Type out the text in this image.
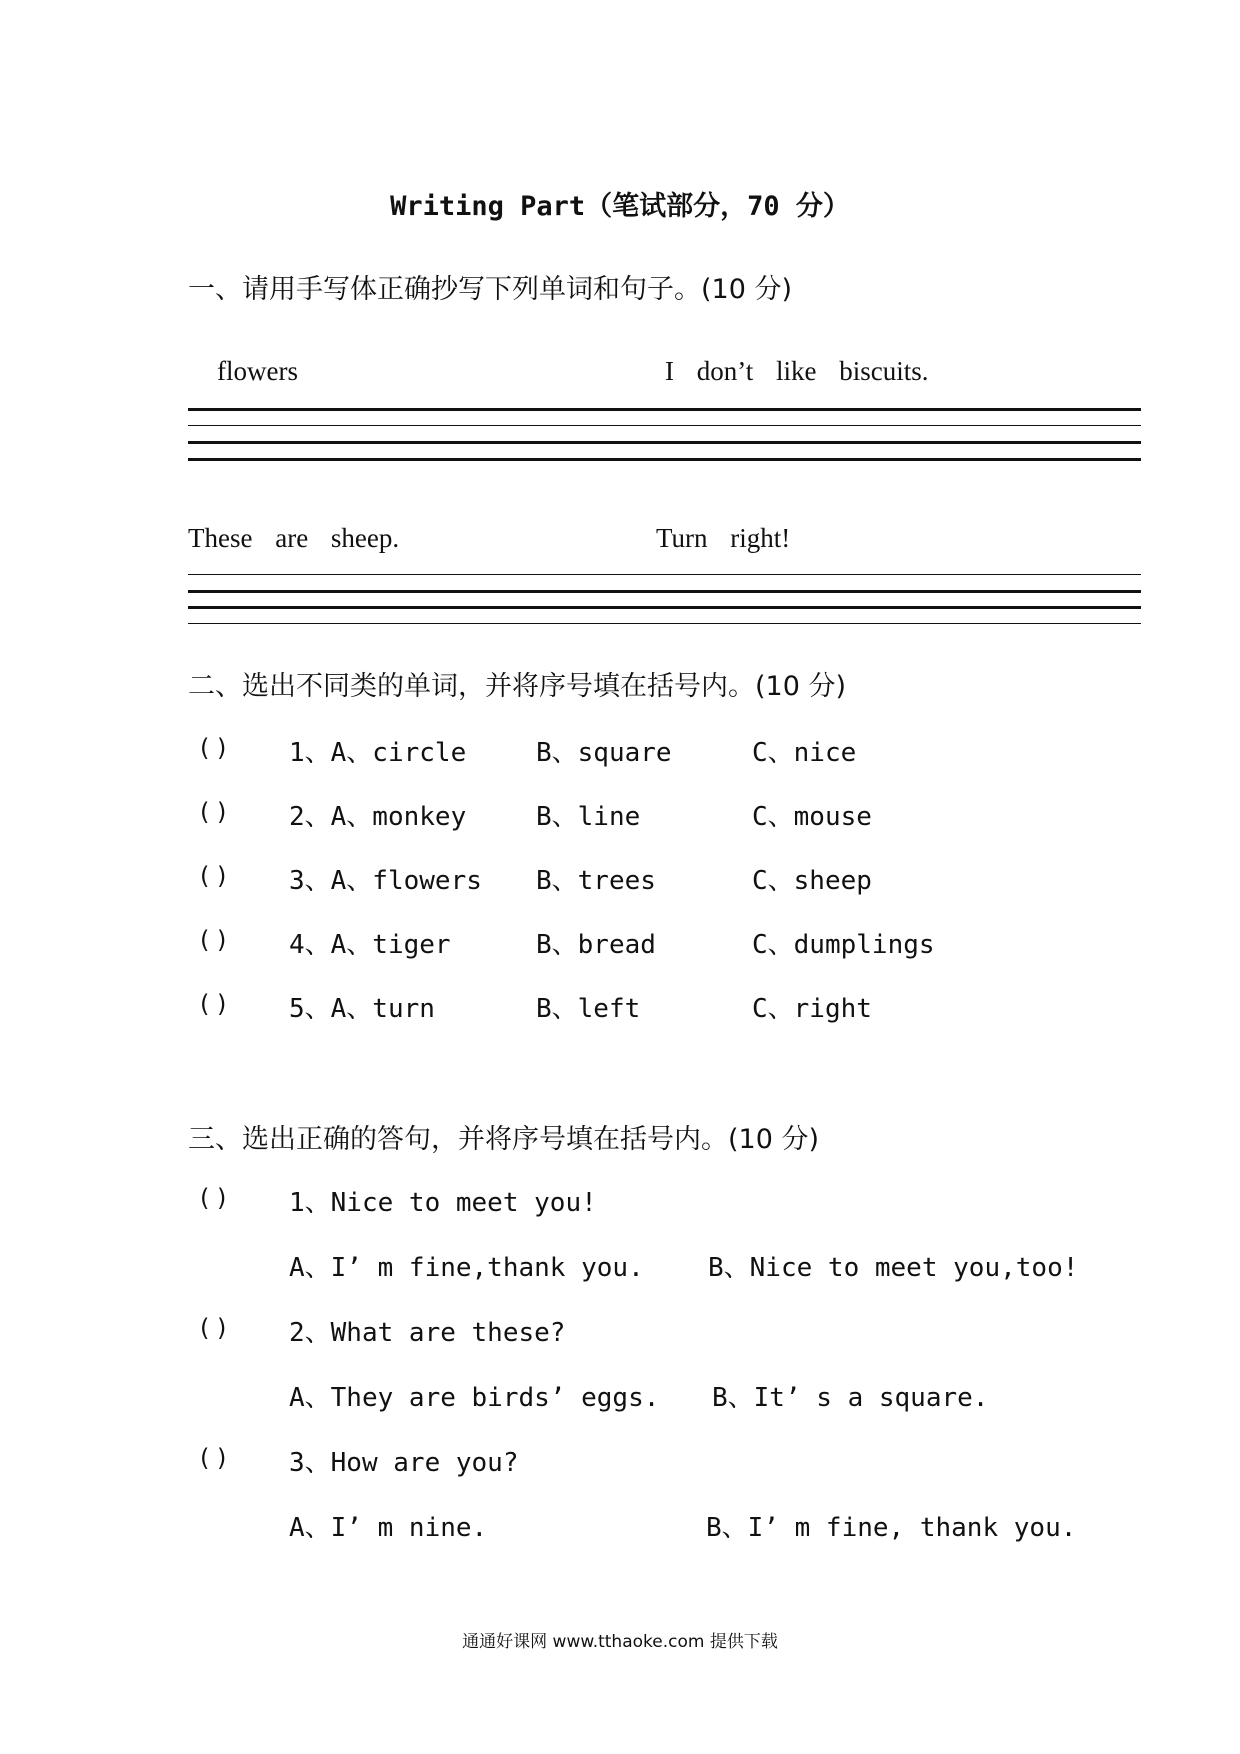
Writing Part（笔试部分，70 分）
一、请用手写体正确抄写下列单词和句子。(10 分)
flowers	I don’t like biscuits.
These are sheep.	Turn right!
二、选出不同类的单词，并将序号填在括号内。(10 分)
( ) 1、A、circle	B、square	C、nice
( ) 2、A、monkey	B、line	C、mouse
( ) 3、A、flowers B、trees	C、sheep
( ) 4、A、tiger	B、bread	C、dumplings
( ) 5、A、turn	B、left	C、right
三、选出正确的答句，并将序号填在括号内。(10 分)
( ) 1、Nice to meet you!
A、I’ m fine,thank you. B、Nice to meet you,too!
( ) 2、What are these?
A、They are birds’ eggs. B、It’ s a square.
( ) 3、How are you?
A、I’ m nine.	B、I’ m fine, thank you.
通通好课网 www.tthaoke.com 提供下载
